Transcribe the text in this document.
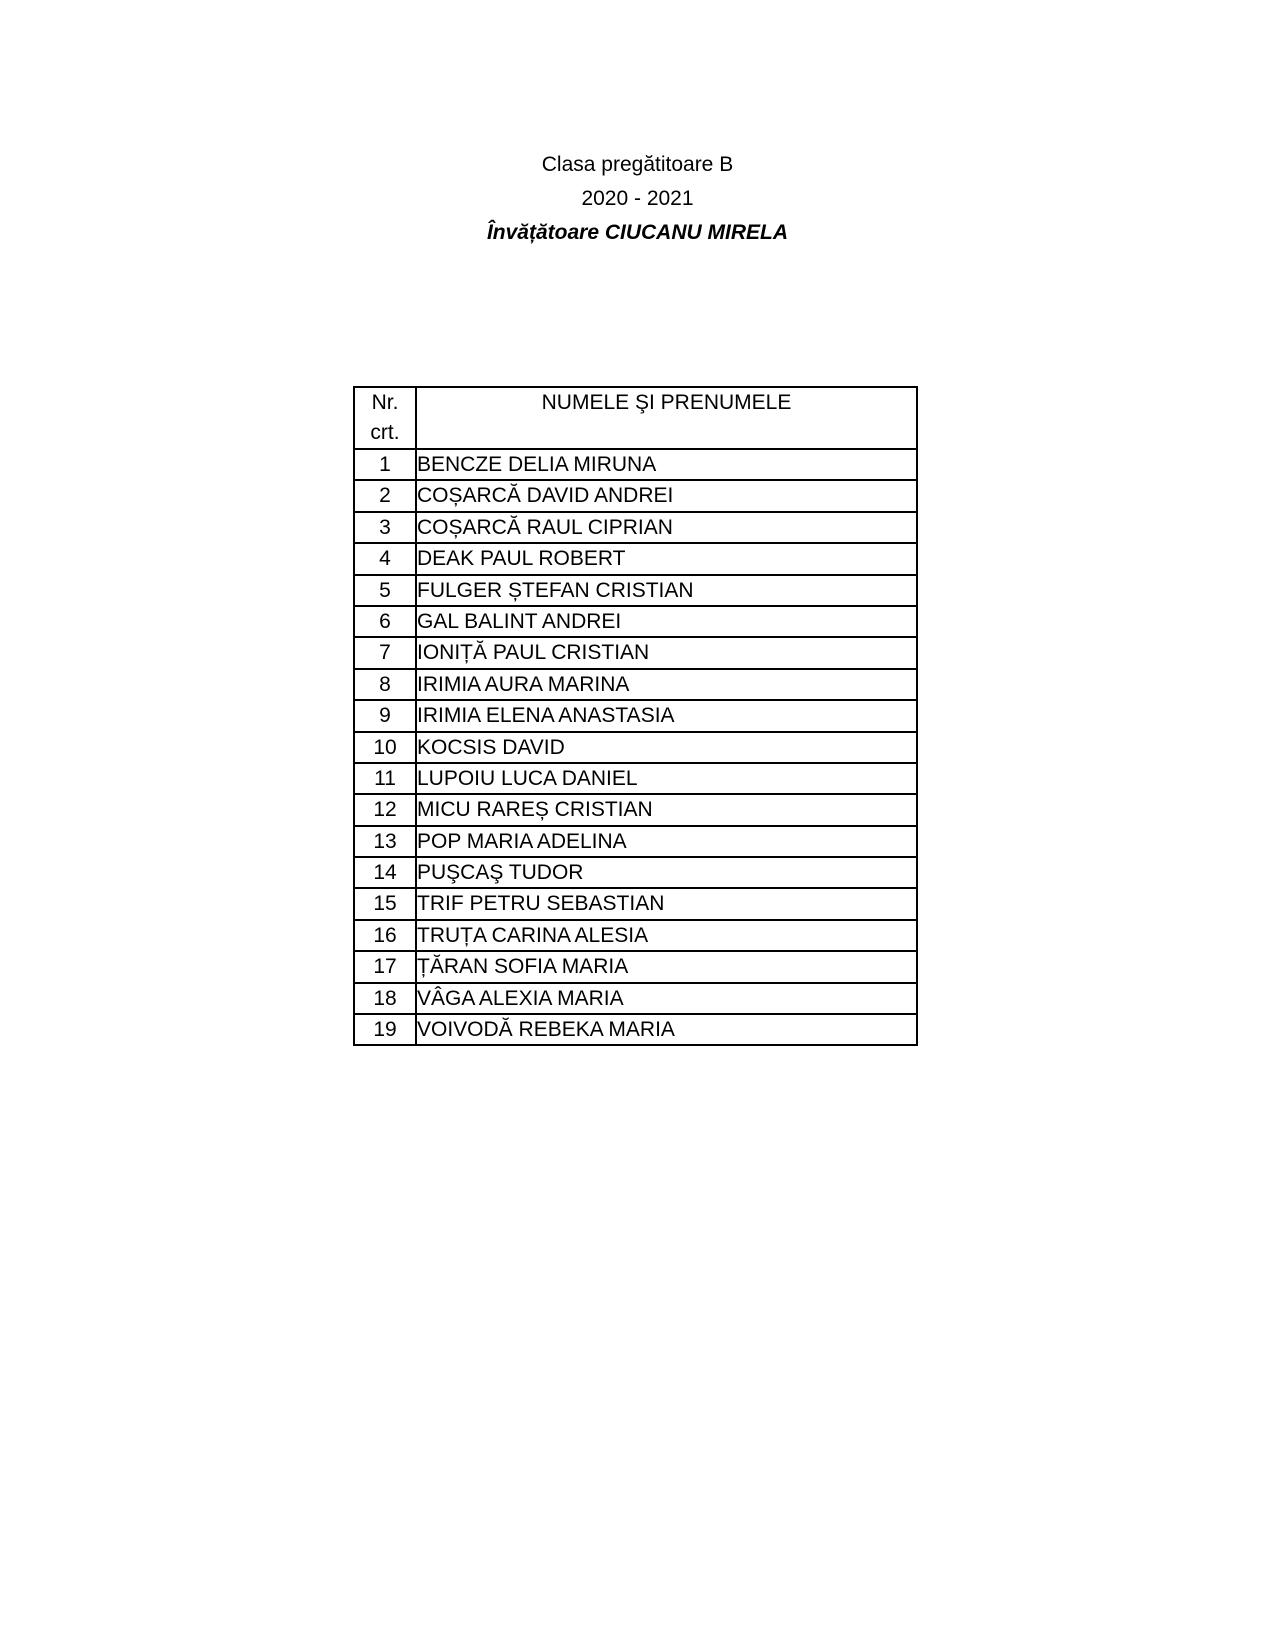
Clasa pregătitoare B
2020 - 2021
Învățătoare CIUCANU MIRELA
Nr.
crt.	NUMELE ŞI PRENUMELE
1	BENCZE DELIA MIRUNA
2	COȘARCĂ DAVID ANDREI
3	COȘARCĂ RAUL CIPRIAN
4	DEAK PAUL ROBERT
5	FULGER ȘTEFAN CRISTIAN
6	GAL BALINT ANDREI
7	IONIȚĂ PAUL CRISTIAN
8	IRIMIA AURA MARINA
9	IRIMIA ELENA ANASTASIA
10	KOCSIS DAVID
11	LUPOIU LUCA DANIEL
12	MICU RAREȘ CRISTIAN
13	POP MARIA ADELINA
14	PUŞCAŞ TUDOR
15	TRIF PETRU SEBASTIAN
16	TRUȚA CARINA ALESIA
17	ȚĂRAN SOFIA MARIA
18	VÂGA ALEXIA MARIA
19	VOIVODĂ REBEKA MARIA
